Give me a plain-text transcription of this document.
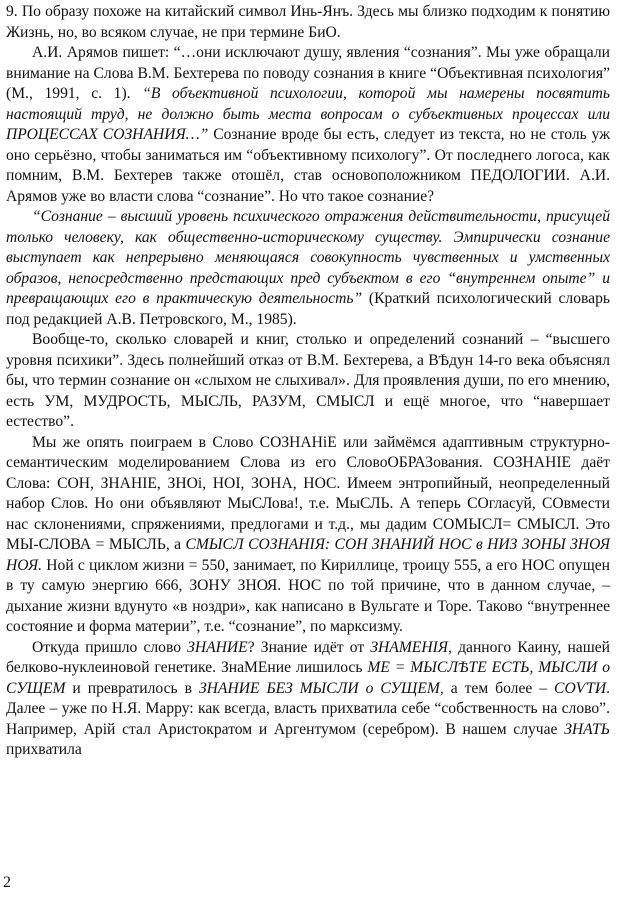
9. По образу похоже на китайский символ Инь-Янъ. Здесь мы близко подходим к понятию Жизнь, но, во всяком случае, не при термине БиО.

А.И. Арямов пишет: “…они исключают душу, явления “сознания”. Мы уже обращали внимание на Слова В.М. Бехтерева по поводу сознания в книге “Объективная психология” (М., 1991, с. 1). “В объективной психологии, которой мы намерены посвятить настоящий труд, не должно быть места вопросам о субъективных процессах или ПРОЦЕССАХ СОЗНАНИЯ…” Сознание вроде бы есть, следует из текста, но не столь уж оно серьёзно, чтобы заниматься им “объективному психологу”. От последнего логоса, как помним, В.М. Бехтерев также отошёл, став основоположником ПЕДОЛОГИИ. А.И. Арямов уже во власти слова “сознание”. Но что такое сознание?

“Сознание – высший уровень психического отражения действительности, присущей только человеку, как общественно-историческому существу. Эмпирически сознание выступает как непрерывно меняющаяся совокупность чувственных и умственных образов, непосредственно предстающих пред субъектом в его “внутреннем опыте” и превращающих его в практическую деятельность” (Краткий психологический словарь под редакцией А.В. Петровского, М., 1985).

Вообще-то, сколько словарей и книг, столько и определений сознаний – “высшего уровня психики”. Здесь полнейший отказ от В.М. Бехтерева, а ВѢдун 14-го века объяснял бы, что термин сознание он «слыхом не слыхивал». Для проявления души, по его мнению, есть УМ, МУДРОСТЬ, МЫСЛЬ, РАЗУМ, СМЫСЛ и ещё многое, что “навершает естество”.

Мы же опять поиграем в Слово СОЗНАНіЕ или займёмся адаптивным структурно-семантическим моделированием Слова из его СловоОБРАЗования. СОЗНАНІЕ даёт Слова: СОН, ЗНАНІЕ, ЗНОі, НОІ, ЗОНА, НОС. Имеем энтропийный, неопределенный набор Слов. Но они объявляют МыСЛова!, т.е. МыСЛЬ. А теперь СОгласуй, СОвмести нас склонениями, спряжениями, предлогами и т.д., мы дадим СОМЫСЛ= СМЫСЛ. Это МЫ-СЛОВА = МЫСЛЬ, а СМЫСЛ СОЗНАНІЯ: СОН ЗНАНИЙ НОС в НИЗ ЗОНЫ ЗНОЯ НОЯ. Ной с циклом жизни = 550, занимает, по Кириллице, троицу 555, а его НОС опущен в ту самую энергию 666, ЗОНУ ЗНОЯ. НОС по той причине, что в данном случае, – дыхание жизни вдунуто «в ноздри», как написано в Вульгате и Торе. Таково “внутреннее состояние и форма материи”, т.е. “сознание”, по марксизму.

Откуда пришло слово ЗНАНИЕ? Знание идёт от ЗНАМЕНІЯ, данного Каину, нашей белково-нуклеиновой генетике. ЗнаМЕние лишилось МЕ = МЫСЛѢТЕ ЕСТЬ, МЫСЛИ о СУЩЕМ и превратилось в ЗНАНИЕ БЕЗ МЫСЛИ о СУЩЕМ, а тем более – СОѴТИ. Далее – уже по Н.Я. Марру: как всегда, власть прихватила себе “собственность на слово”. Например, Арій стал Аристократом и Аргентумом (серебром). В нашем случае ЗНАТЬ прихватила

2
